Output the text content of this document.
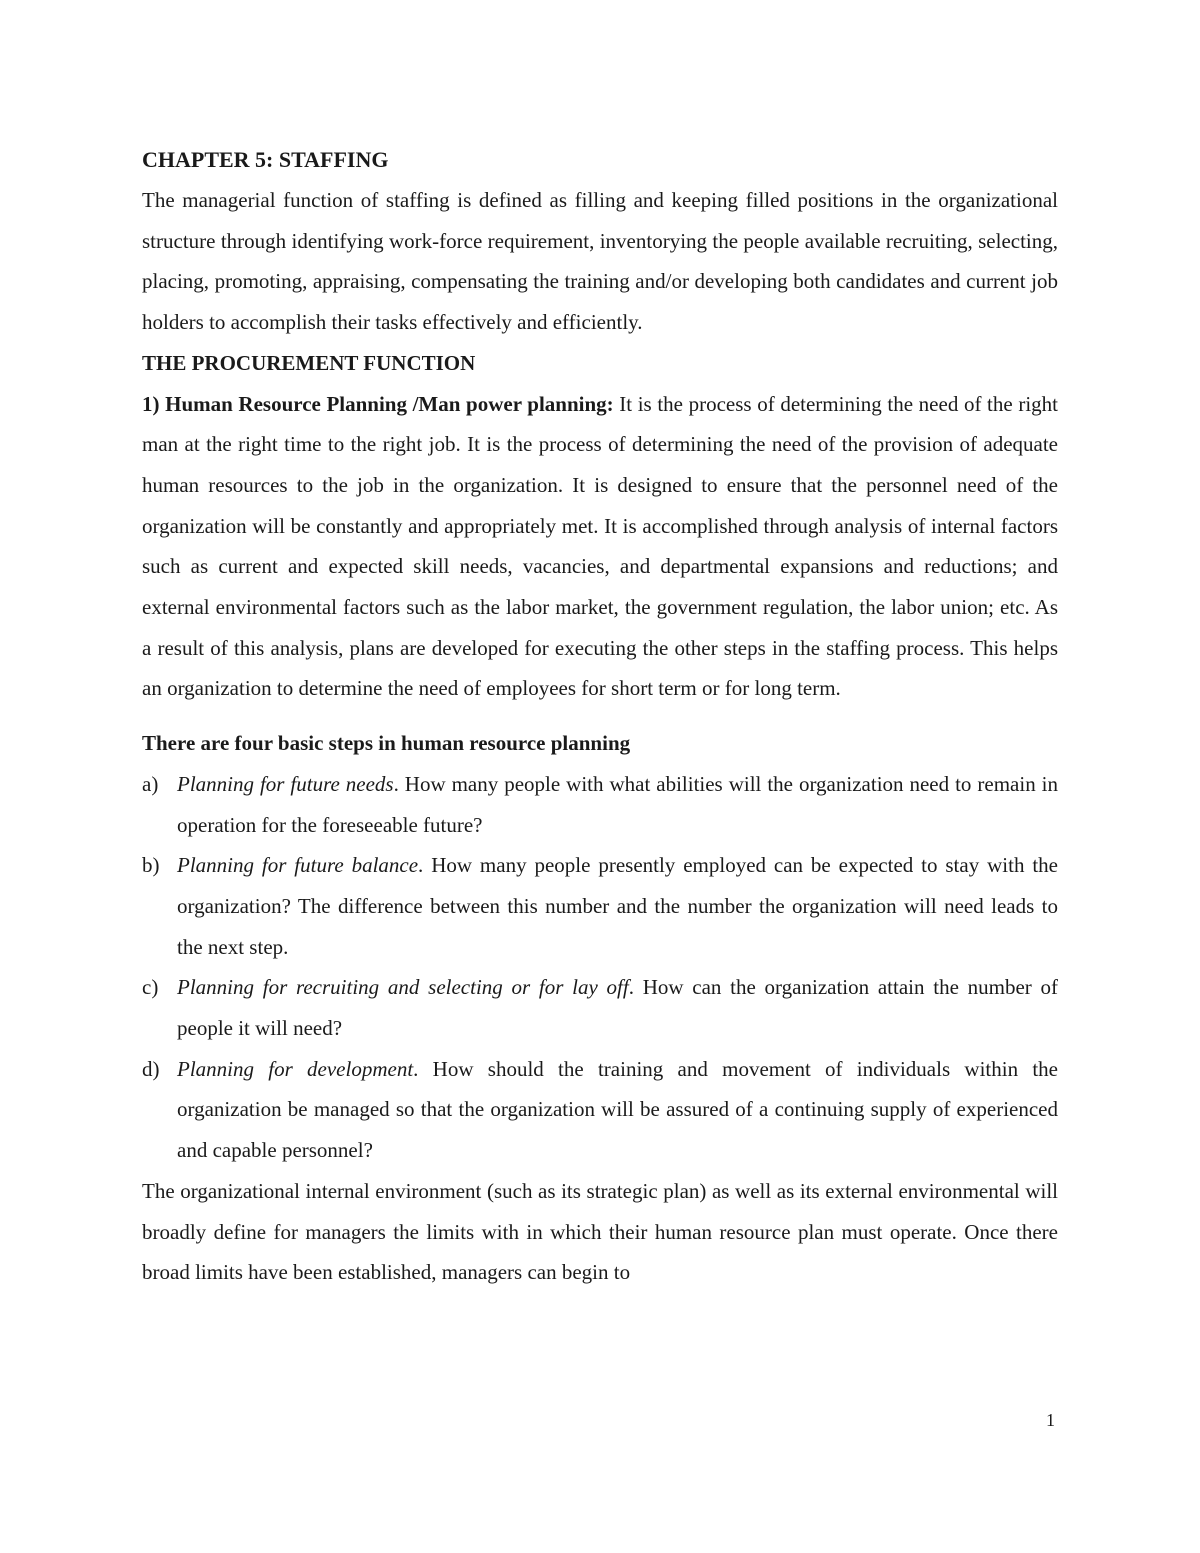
CHAPTER 5: STAFFING

The managerial function of staffing is defined as filling and keeping filled positions in the organizational structure through identifying work-force requirement, inventorying the people available recruiting, selecting, placing, promoting, appraising, compensating the training and/or developing both candidates and current job holders to accomplish their tasks effectively and efficiently.

THE PROCUREMENT FUNCTION

1) Human Resource Planning /Man power planning: It is the process of determining the need of the right man at the right time to the right job. It is the process of determining the need of the provision of adequate human resources to the job in the organization. It is designed to ensure that the personnel need of the organization will be constantly and appropriately met. It is accomplished through analysis of internal factors such as current and expected skill needs, vacancies, and departmental expansions and reductions; and external environmental factors such as the labor market, the government regulation, the labor union; etc. As a result of this analysis, plans are developed for executing the other steps in the staffing process. This helps an organization to determine the need of employees for short term or for long term.

There are four basic steps in human resource planning
a) Planning for future needs. How many people with what abilities will the organization need to remain in operation for the foreseeable future?
b) Planning for future balance. How many people presently employed can be expected to stay with the organization? The difference between this number and the number the organization will need leads to the next step.
c) Planning for recruiting and selecting or for lay off. How can the organization attain the number of people it will need?
d) Planning for development. How should the training and movement of individuals within the organization be managed so that the organization will be assured of a continuing supply of experienced and capable personnel?

The organizational internal environment (such as its strategic plan) as well as its external environmental will broadly define for managers the limits with in which their human resource plan must operate. Once there broad limits have been established, managers can begin to

1
